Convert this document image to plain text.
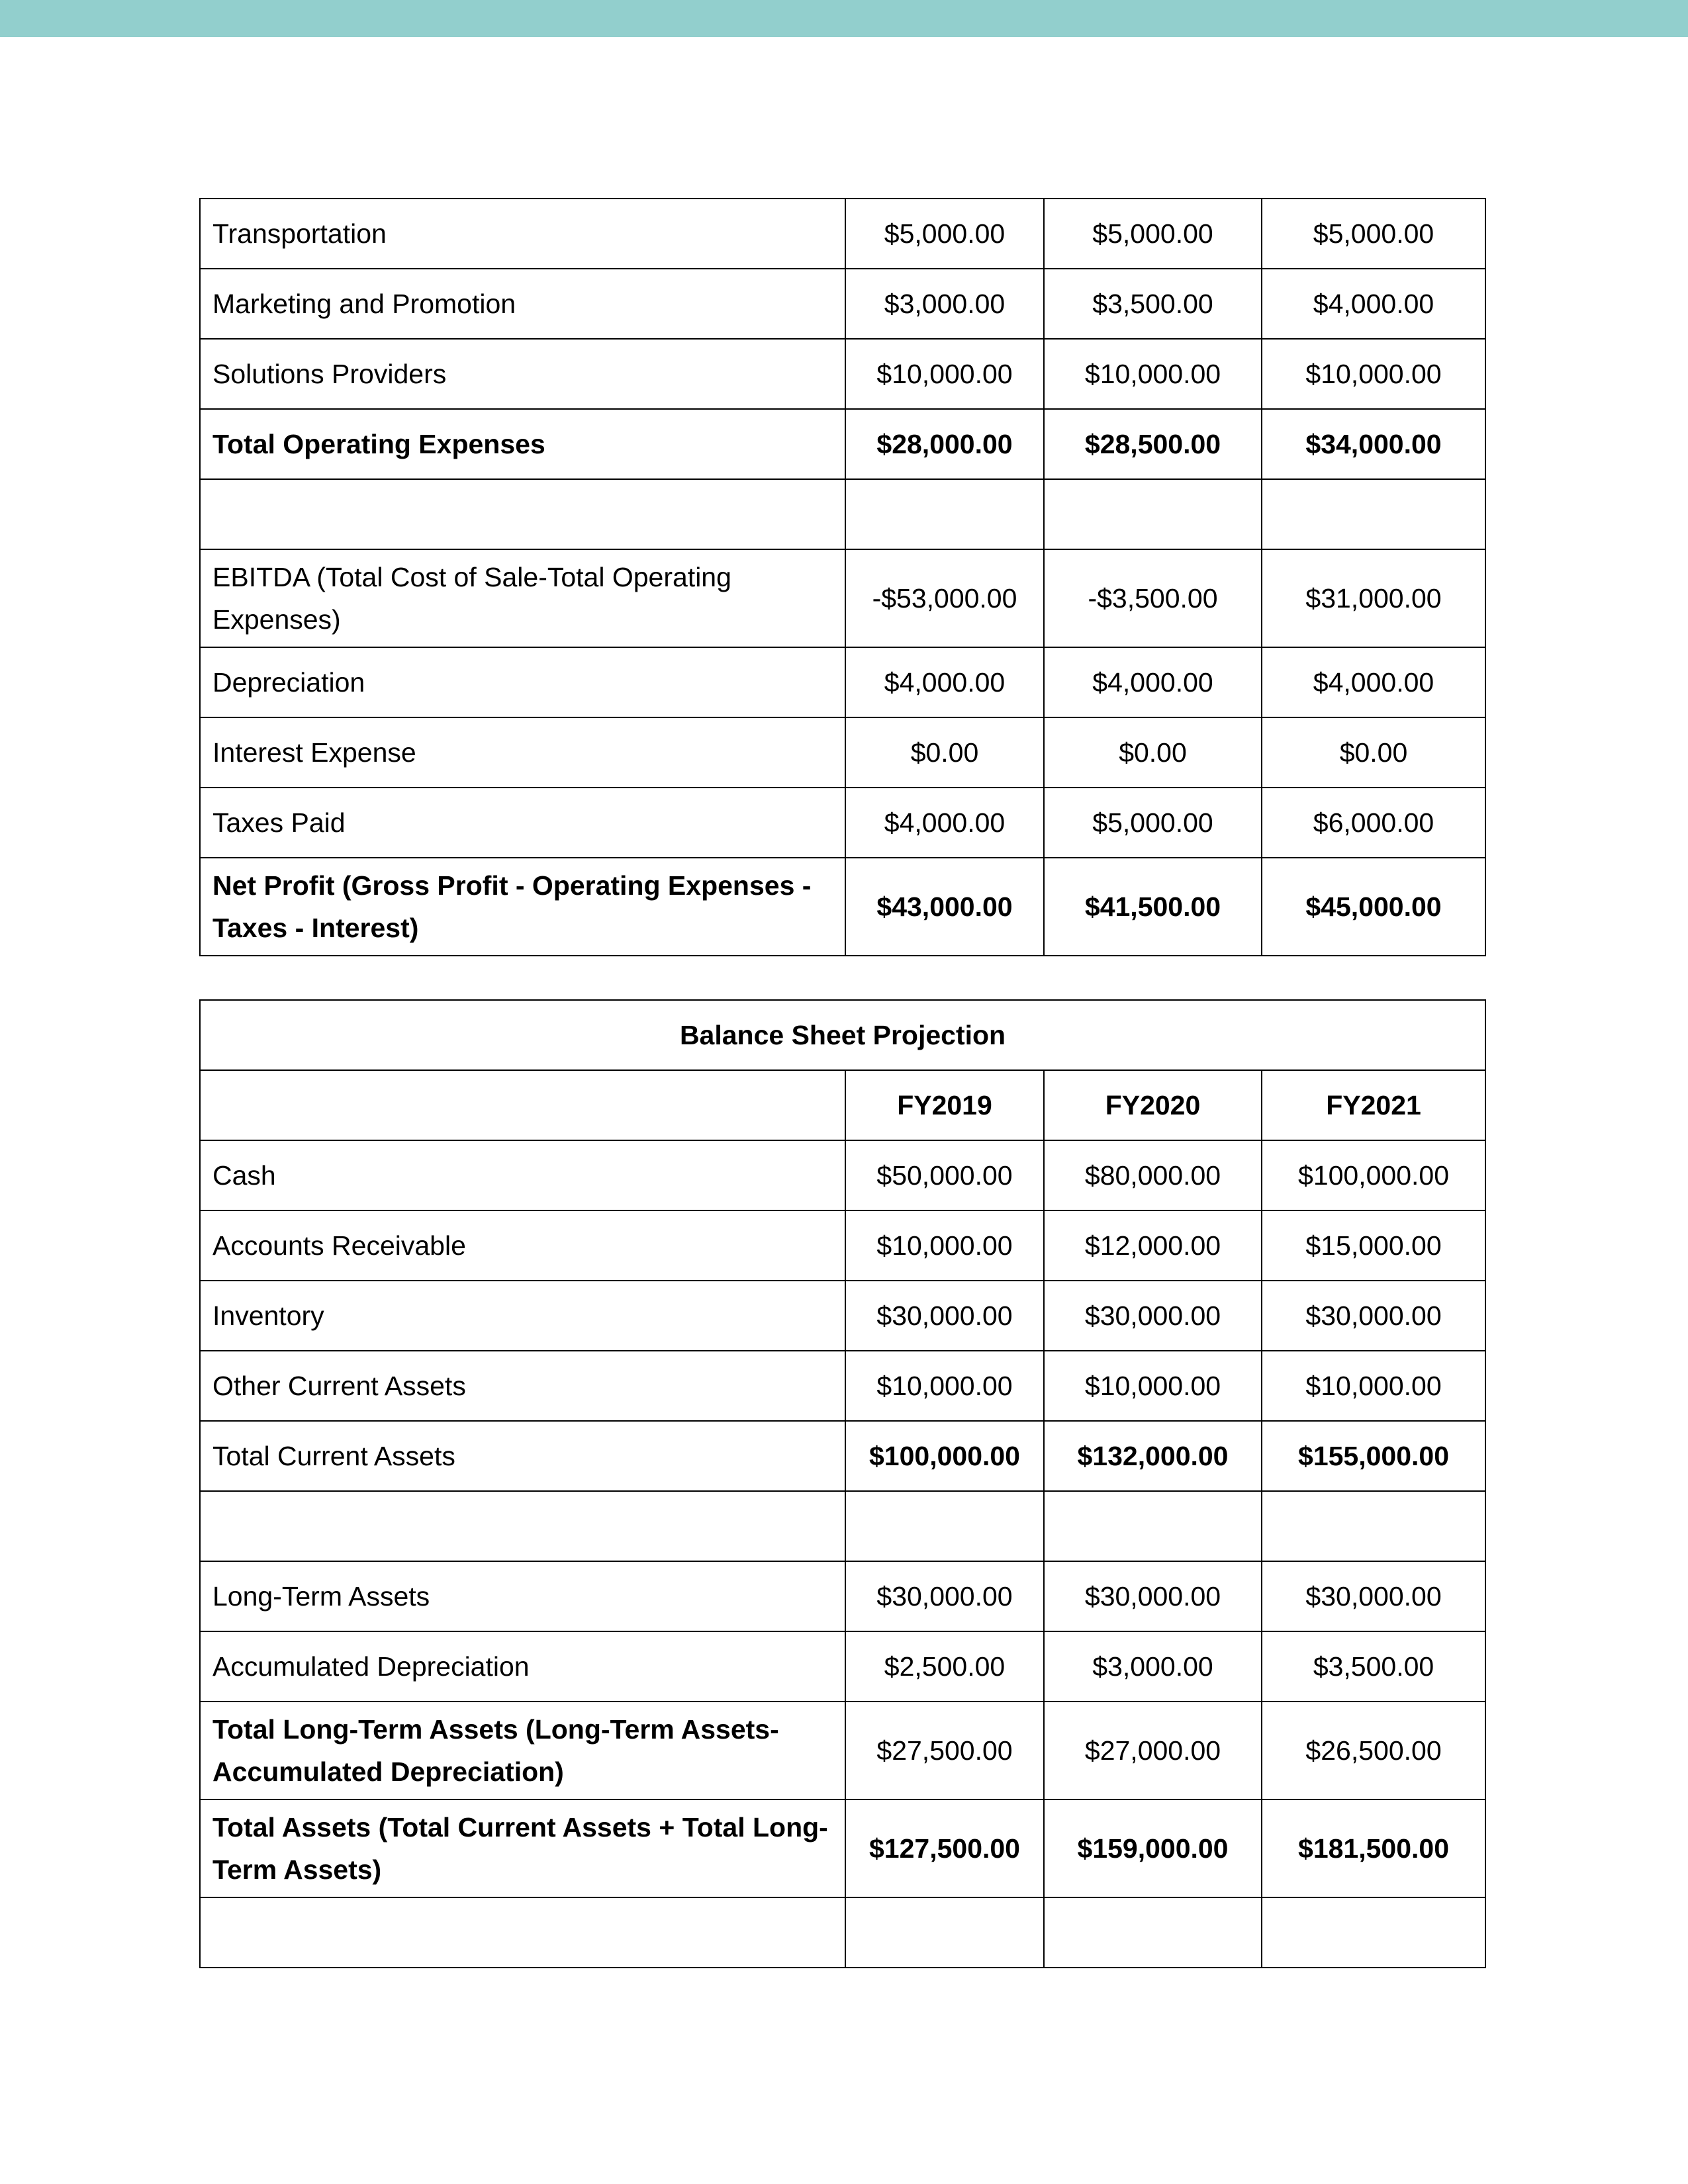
Transportation	$5,000.00	$5,000.00	$5,000.00
Marketing and Promotion	$3,000.00	$3,500.00	$4,000.00
Solutions Providers	$10,000.00	$10,000.00	$10,000.00
Total Operating Expenses	$28,000.00	$28,500.00	$34,000.00

EBITDA (Total Cost of Sale-Total Operating Expenses)	-$53,000.00	-$3,500.00	$31,000.00
Depreciation	$4,000.00	$4,000.00	$4,000.00
Interest Expense	$0.00	$0.00	$0.00
Taxes Paid	$4,000.00	$5,000.00	$6,000.00
Net Profit (Gross Profit - Operating Expenses - Taxes - Interest)	$43,000.00	$41,500.00	$45,000.00
Balance Sheet Projection			
	FY2019	FY2020	FY2021
Cash	$50,000.00	$80,000.00	$100,000.00
Accounts Receivable	$10,000.00	$12,000.00	$15,000.00
Inventory	$30,000.00	$30,000.00	$30,000.00
Other Current Assets	$10,000.00	$10,000.00	$10,000.00
Total Current Assets	$100,000.00	$132,000.00	$155,000.00

Long-Term Assets	$30,000.00	$30,000.00	$30,000.00
Accumulated Depreciation	$2,500.00	$3,000.00	$3,500.00
Total Long-Term Assets (Long-Term Assets-Accumulated Depreciation)	$27,500.00	$27,000.00	$26,500.00
Total Assets (Total Current Assets + Total Long-Term Assets)	$127,500.00	$159,000.00	$181,500.00
